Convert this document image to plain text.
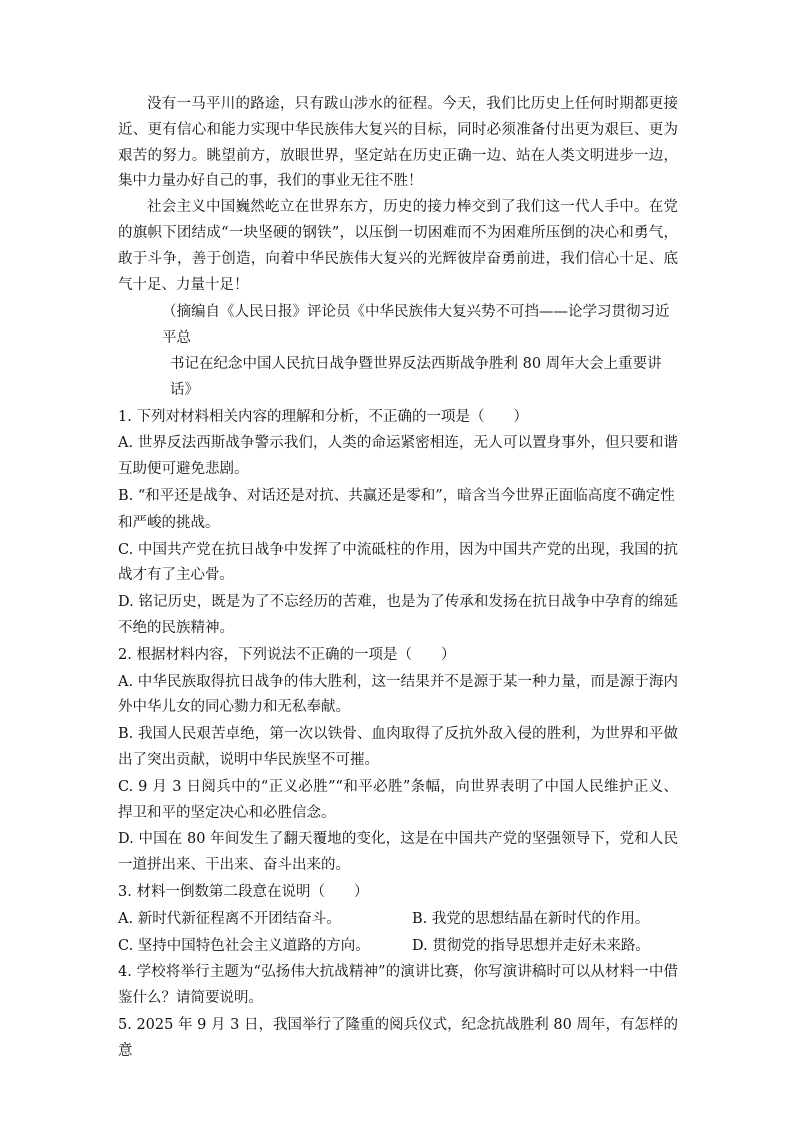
没有一马平川的路途，只有跋山涉水的征程。今天，我们比历史上任何时期都更接近、更有信心和能力实现中华民族伟大复兴的目标，同时必须准备付出更为艰巨、更为艰苦的努力。眺望前方，放眼世界，坚定站在历史正确一边、站在人类文明进步一边，集中力量办好自己的事，我们的事业无往不胜！

社会主义中国巍然屹立在世界东方，历史的接力棒交到了我们这一代人手中。在党的旗帜下团结成“一块坚硬的钢铁”，以压倒一切困难而不为困难所压倒的决心和勇气，敢于斗争，善于创造，向着中华民族伟大复兴的光辉彼岸奋勇前进，我们信心十足、底气十足、力量十足！

（摘编自《人民日报》评论员《中华民族伟大复兴势不可挡——论学习贯彻习近平总

书记在纪念中国人民抗日战争暨世界反法西斯战争胜利 80 周年大会上重要讲话》

1. 下列对材料相关内容的理解和分析，不正确的一项是（　　）

A. 世界反法西斯战争警示我们，人类的命运紧密相连，无人可以置身事外，但只要和谐互助便可避免悲剧。

B. “和平还是战争、对话还是对抗、共赢还是零和”，暗含当今世界正面临高度不确定性

和严峻的挑战。

C. 中国共产党在抗日战争中发挥了中流砥柱的作用，因为中国共产党的出现，我国的抗战才有了主心骨。

D. 铭记历史，既是为了不忘经历的苦难，也是为了传承和发扬在抗日战争中孕育的绵延不绝的民族精神。

2. 根据材料内容，下列说法不正确的一项是（　　）

A. 中华民族取得抗日战争的伟大胜利，这一结果并不是源于某一种力量，而是源于海内外中华儿女的同心勠力和无私奉献。

B. 我国人民艰苦卓绝，第一次以铁骨、血肉取得了反抗外敌入侵的胜利，为世界和平做出了突出贡献，说明中华民族坚不可摧。

C. 9 月 3 日阅兵中的“正义必胜”“和平必胜”条幅，向世界表明了中国人民维护正义、捍卫和平的坚定决心和必胜信念。

D. 中国在 80 年间发生了翻天覆地的变化，这是在中国共产党的坚强领导下，党和人民一道拼出来、干出来、奋斗出来的。

3. 材料一倒数第二段意在说明（　　）

A. 新时代新征程离不开团结奋斗。	B. 我党的思想结晶在新时代的作用。
C. 坚持中国特色社会主义道路的方向。	D. 贯彻党的指导思想并走好未来路。

4. 学校将举行主题为“弘扬伟大抗战精神”的演讲比赛，你写演讲稿时可以从材料一中借鉴什么？请简要说明。

5. 2025 年 9 月 3 日，我国举行了隆重的阅兵仪式，纪念抗战胜利 80 周年，有怎样的意
